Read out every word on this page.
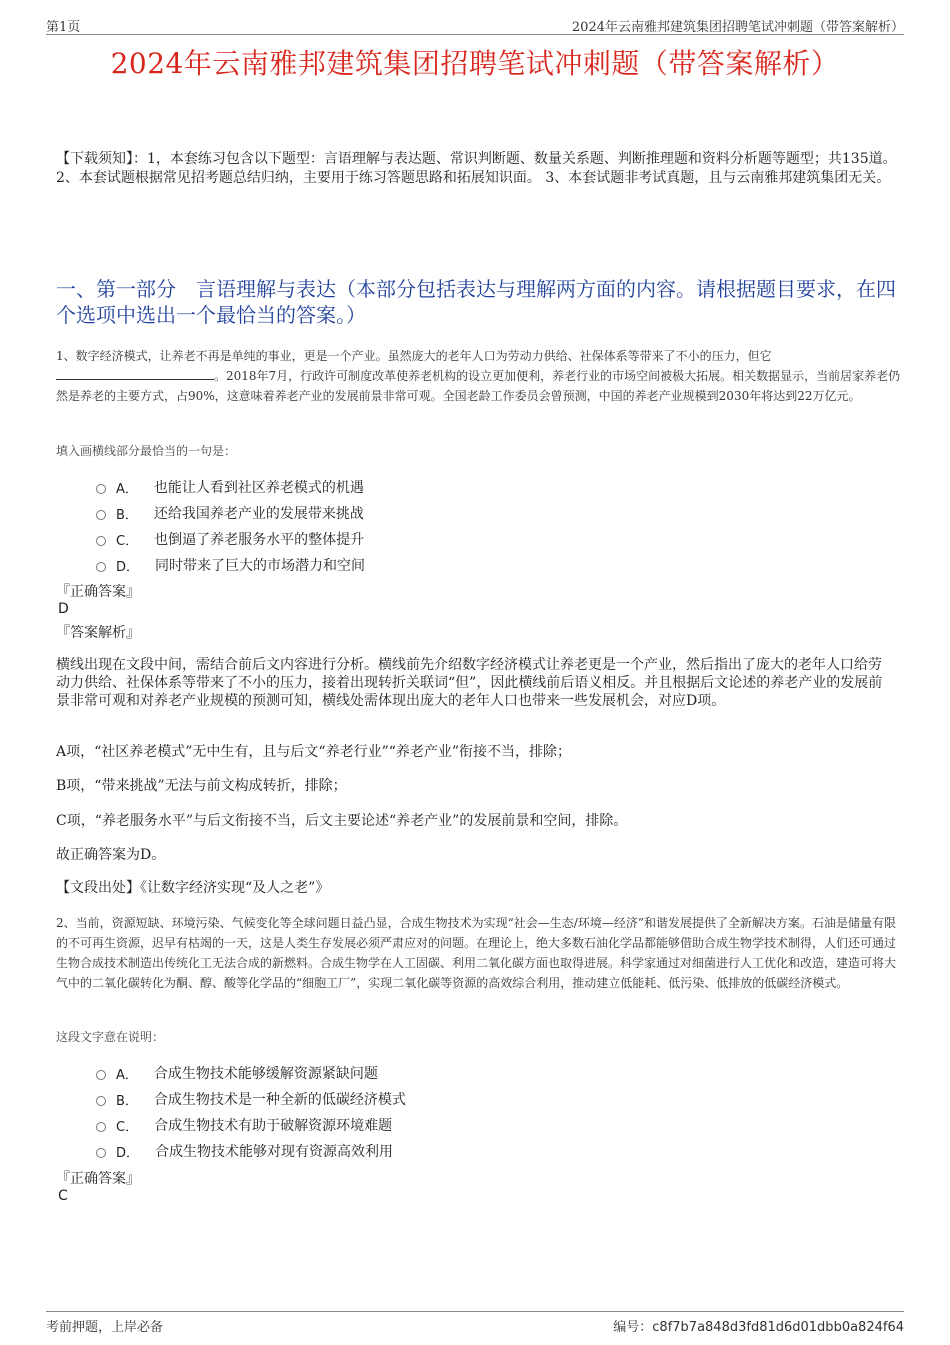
第1页	2024年云南雅邦建筑集团招聘笔试冲刺题（带答案解析）
2024年云南雅邦建筑集团招聘笔试冲刺题（带答案解析）
【下载须知】：1，本套练习包含以下题型：言语理解与表达题、常识判断题、数量关系题、判断推理题和资料分析题等题型；共135道。 2、本套试题根据常见招考题总结归纳，主要用于练习答题思路和拓展知识面。 3、本套试题非考试真题，且与云南雅邦建筑集团无关。
一、第一部分　言语理解与表达（本部分包括表达与理解两方面的内容。请根据题目要求，在四个选项中选出一个最恰当的答案。）
1、数字经济模式，让养老不再是单纯的事业，更是一个产业。虽然庞大的老年人口为劳动力供给、社保体系等带来了不小的压力，但它
。2018年7月，行政许可制度改革使养老机构的设立更加便利，养老行业的市场空间被极大拓展。相关数据显示，当前居家养老仍然是养老的主要方式，占90%，这意味着养老产业的发展前景非常可观。全国老龄工作委员会曾预测，中国的养老产业规模到2030年将达到22万亿元。
填入画横线部分最恰当的一句是：
A． 也能让人看到社区养老模式的机遇
B． 还给我国养老产业的发展带来挑战
C． 也倒逼了养老服务水平的整体提升
D． 同时带来了巨大的市场潜力和空间
『正确答案』
D
『答案解析』
横线出现在文段中间，需结合前后文内容进行分析。横线前先介绍数字经济模式让养老更是一个产业，然后指出了庞大的老年人口给劳动力供给、社保体系等带来了不小的压力，接着出现转折关联词“但”，因此横线前后语义相反。并且根据后文论述的养老产业的发展前景非常可观和对养老产业规模的预测可知，横线处需体现出庞大的老年人口也带来一些发展机会，对应D项。
A项，“社区养老模式”无中生有，且与后文“养老行业”“养老产业”衔接不当，排除；
B项，“带来挑战”无法与前文构成转折，排除；
C项，“养老服务水平”与后文衔接不当，后文主要论述“养老产业”的发展前景和空间，排除。
故正确答案为D。
【文段出处】《让数字经济实现“及人之老”》
2、当前，资源短缺、环境污染、气候变化等全球问题日益凸显，合成生物技术为实现“社会—生态/环境—经济”和谐发展提供了全新解决方案。石油是储量有限的不可再生资源，迟早有枯竭的一天，这是人类生存发展必须严肃应对的问题。在理论上，绝大多数石油化学品都能够借助合成生物学技术制得，人们还可通过生物合成技术制造出传统化工无法合成的新燃料。合成生物学在人工固碳、利用二氧化碳方面也取得进展。科学家通过对细菌进行人工优化和改造，建造可将大气中的二氧化碳转化为酮、醇、酸等化学品的“细胞工厂”，实现二氧化碳等资源的高效综合利用，推动建立低能耗、低污染、低排放的低碳经济模式。
这段文字意在说明：
A． 合成生物技术能够缓解资源紧缺问题
B． 合成生物技术是一种全新的低碳经济模式
C． 合成生物技术有助于破解资源环境难题
D． 合成生物技术能够对现有资源高效利用
『正确答案』
C
考前押题，上岸必备	编号：c8f7b7a848d3fd81d6d01dbb0a824f64
